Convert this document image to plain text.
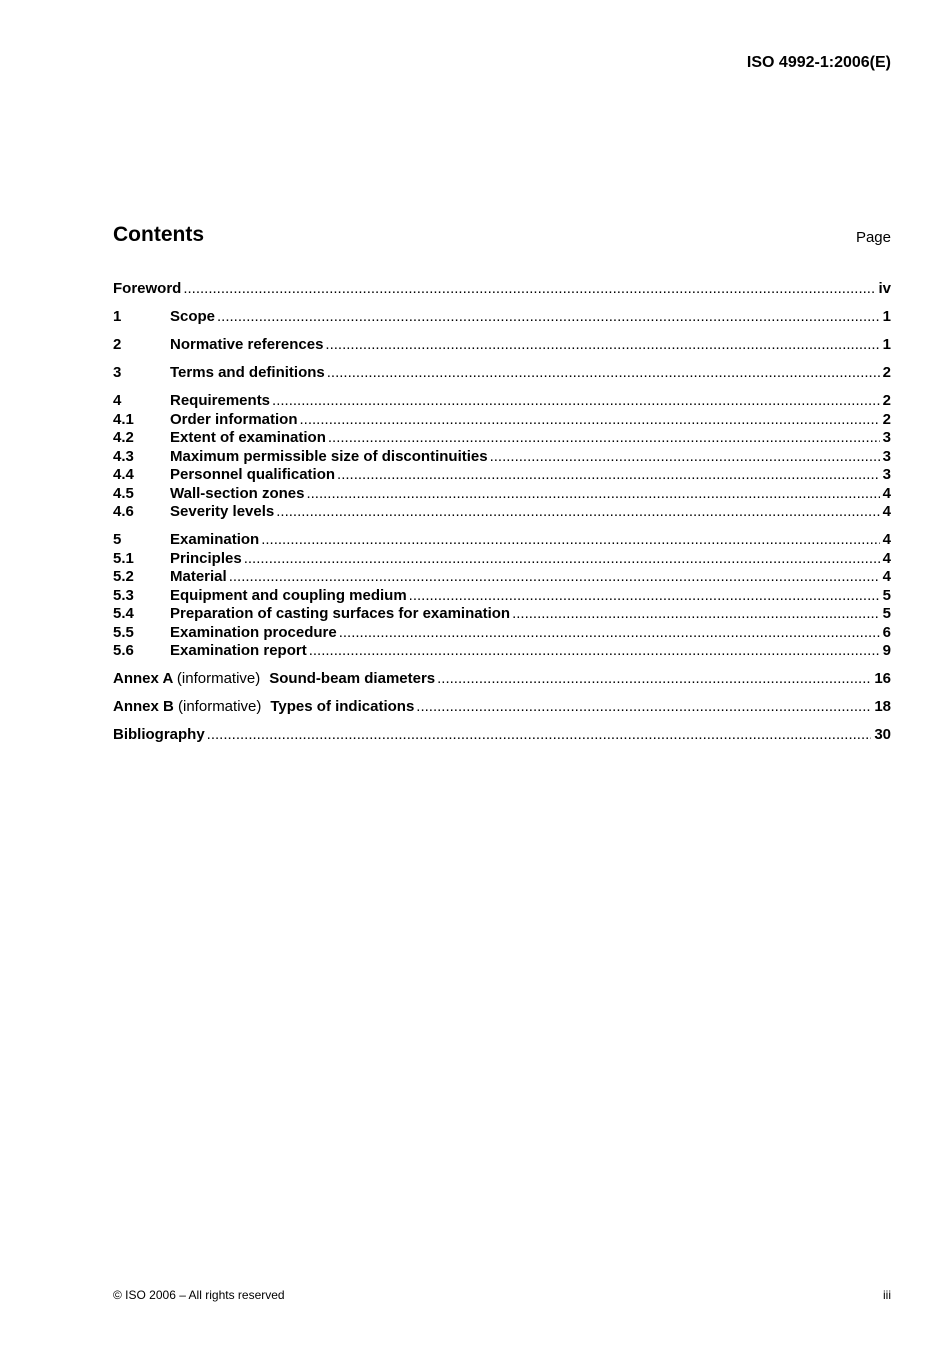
ISO 4992-1:2006(E)
Contents	Page
Foreword .....	iv
1	Scope .....	1
2	Normative references .....	1
3	Terms and definitions .....	2
4	Requirements .....	2
4.1	Order information .....	2
4.2	Extent of examination .....	3
4.3	Maximum permissible size of discontinuities .....	3
4.4	Personnel qualification .....	3
4.5	Wall-section zones .....	4
4.6	Severity levels .....	4
5	Examination .....	4
5.1	Principles .....	4
5.2	Material .....	4
5.3	Equipment and coupling medium .....	5
5.4	Preparation of casting surfaces for examination .....	5
5.5	Examination procedure .....	6
5.6	Examination report .....	9
Annex A (informative) Sound-beam diameters .....	16
Annex B (informative) Types of indications .....	18
Bibliography .....	30
© ISO 2006 – All rights reserved	iii
